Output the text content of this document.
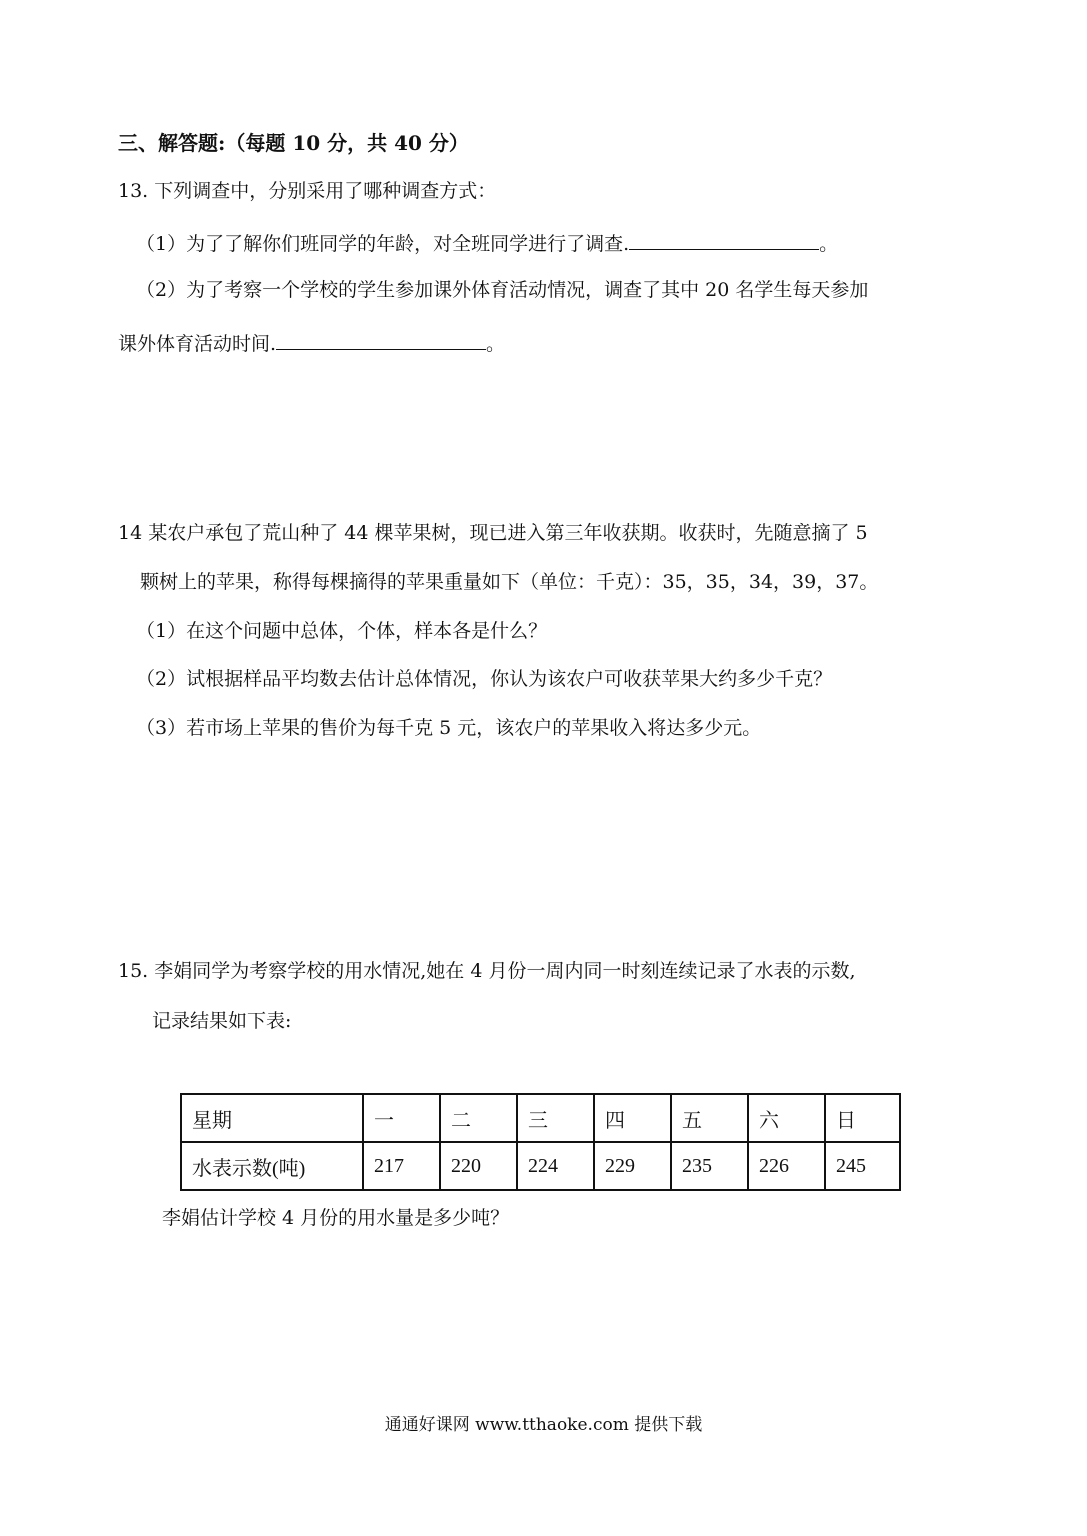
三、解答题:（每题 10 分，共 40 分）
13. 下列调查中，分别采用了哪种调查方式：
（1）为了了解你们班同学的年龄，对全班同学进行了调查.	。
（2）为了考察一个学校的学生参加课外体育活动情况，调查了其中 20 名学生每天参加
课外体育活动时间.	。
14 某农户承包了荒山种了 44 棵苹果树，现已进入第三年收获期。收获时，先随意摘了 5
颗树上的苹果，称得每棵摘得的苹果重量如下（单位：千克）：35，35，34，39，37。
（1）在这个问题中总体，个体，样本各是什么？
（2）试根据样品平均数去估计总体情况，你认为该农户可收获苹果大约多少千克？
（3）若市场上苹果的售价为每千克 5 元，该农户的苹果收入将达多少元。
15. 李娟同学为考察学校的用水情况,她在 4 月份一周内同一时刻连续记录了水表的示数,
记录结果如下表:
星期	一	二	三	四	五	六	日
水表示数(吨)	217	220	224	229	235	226	245
李娟估计学校 4 月份的用水量是多少吨？
通通好课网 www.tthaoke.com 提供下载
